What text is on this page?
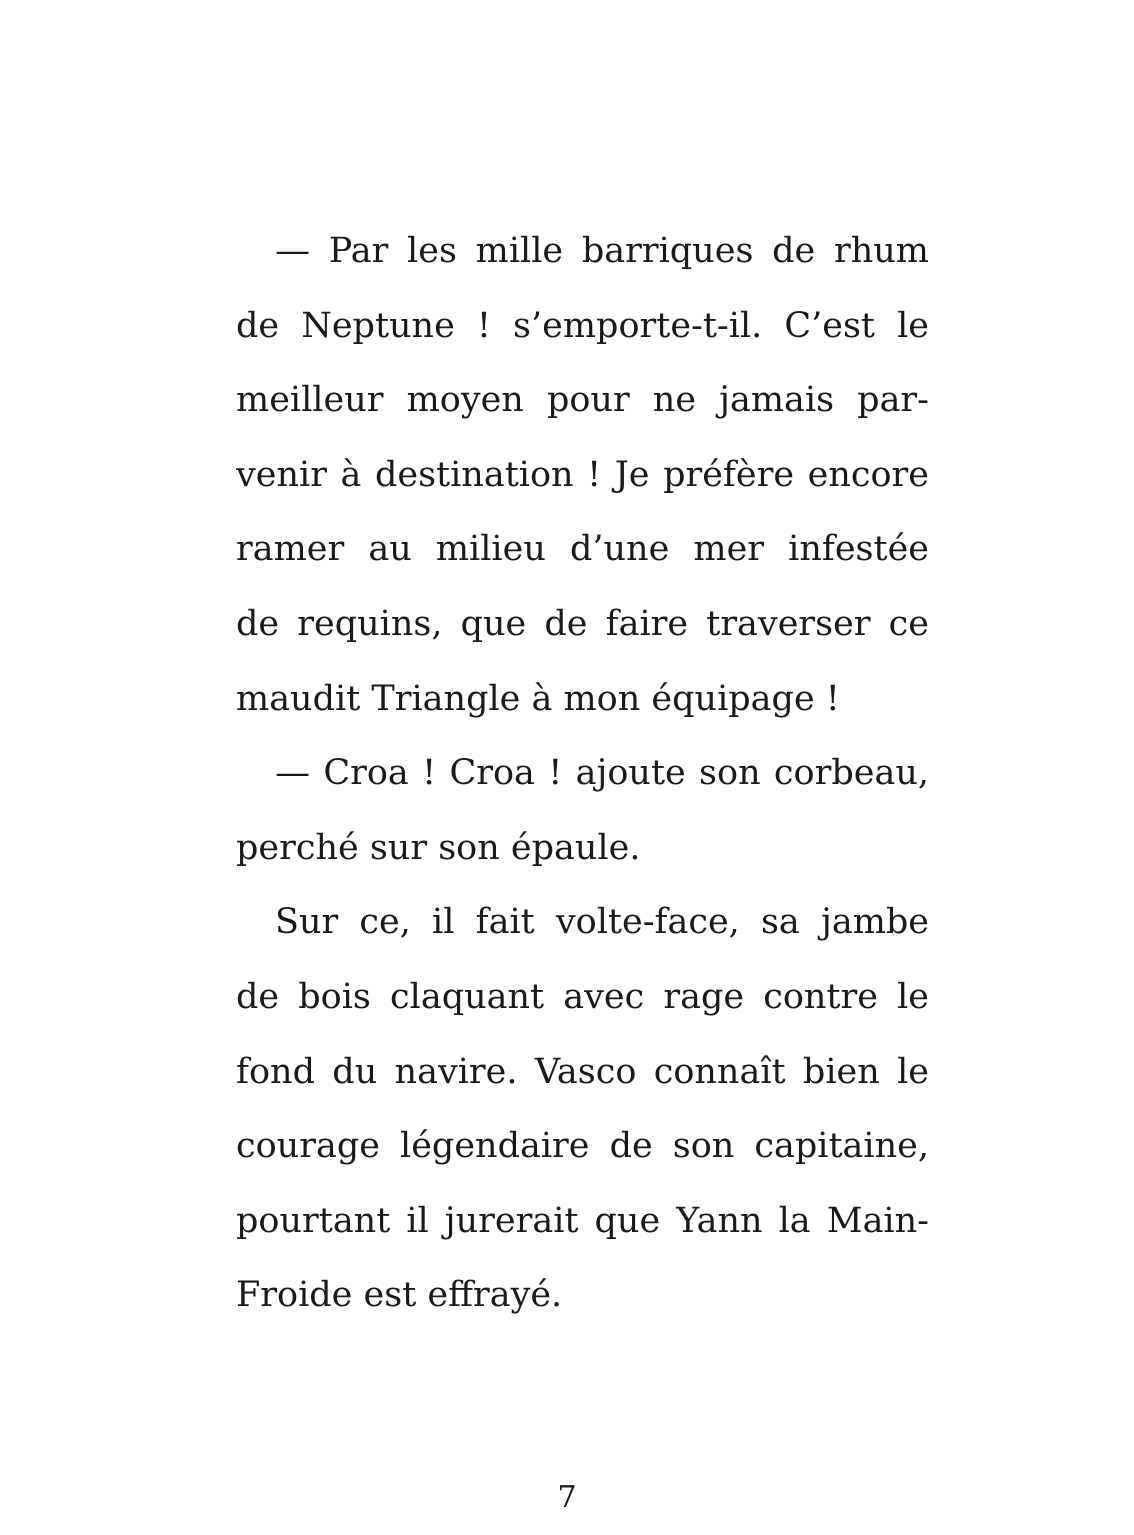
— Par les mille barriques de rhum
de Neptune ! s’emporte-t-il. C’est le
meilleur moyen pour ne jamais par-
venir à destination ! Je préfère encore
ramer au milieu d’une mer infestée
de requins, que de faire traverser ce
maudit Triangle à mon équipage !
— Croa ! Croa ! ajoute son corbeau,
perché sur son épaule.
Sur ce, il fait volte-face, sa jambe
de bois claquant avec rage contre le
fond du navire. Vasco connaît bien le
courage légendaire de son capitaine,
pourtant il jurerait que Yann la Main-
Froide est effrayé.
7
